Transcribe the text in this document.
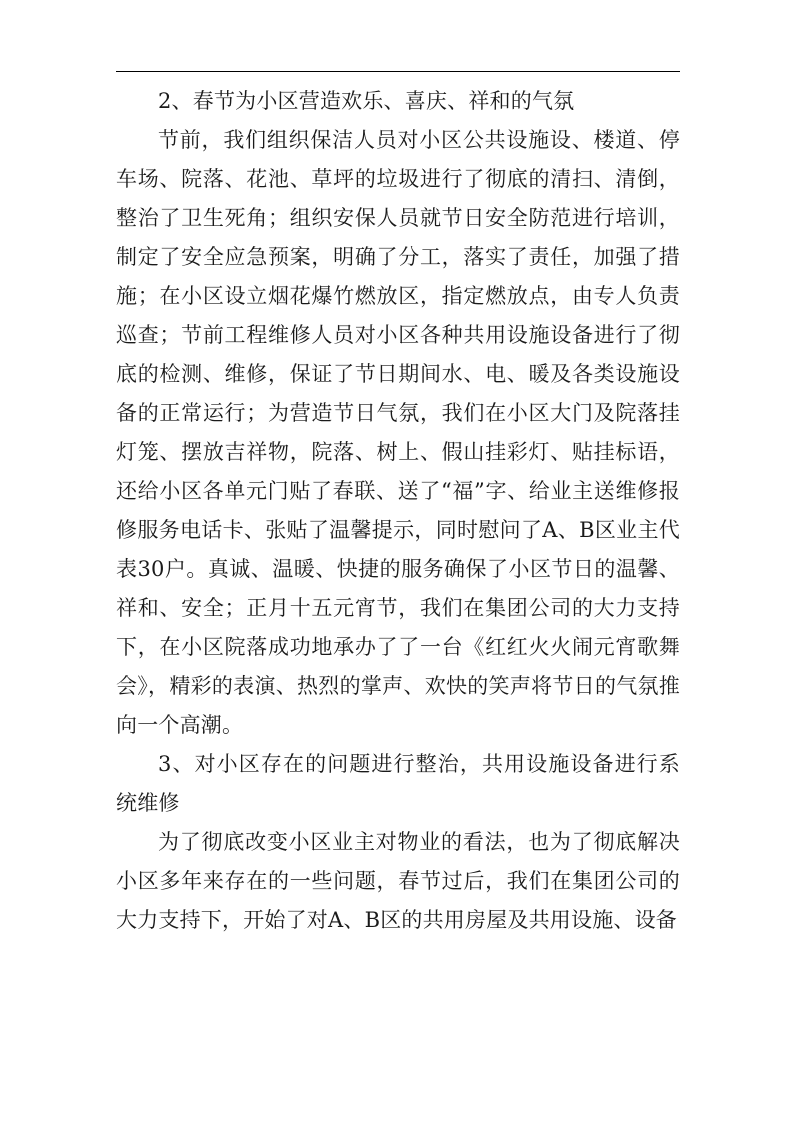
2、春节为小区营造欢乐、喜庆、祥和的气氛

节前，我们组织保洁人员对小区公共设施设、楼道、停车场、院落、花池、草坪的垃圾进行了彻底的清扫、清倒，整治了卫生死角；组织安保人员就节日安全防范进行培训，制定了安全应急预案，明确了分工，落实了责任，加强了措施；在小区设立烟花爆竹燃放区，指定燃放点，由专人负责巡查；节前工程维修人员对小区各种共用设施设备进行了彻底的检测、维修，保证了节日期间水、电、暖及各类设施设备的正常运行；为营造节日气氛，我们在小区大门及院落挂灯笼、摆放吉祥物，院落、树上、假山挂彩灯、贴挂标语，还给小区各单元门贴了春联、送了“福”字、给业主送维修报修服务电话卡、张贴了温馨提示，同时慰问了A、B区业主代表30户。真诚、温暖、快捷的服务确保了小区节日的温馨、祥和、安全；正月十五元宵节，我们在集团公司的大力支持下，在小区院落成功地承办了了一台《红红火火闹元宵歌舞会》，精彩的表演、热烈的掌声、欢快的笑声将节日的气氛推向一个高潮。

3、对小区存在的问题进行整治，共用设施设备进行系统维修

为了彻底改变小区业主对物业的看法，也为了彻底解决小区多年来存在的一些问题，春节过后，我们在集团公司的大力支持下，开始了对A、B区的共用房屋及共用设施、设备
